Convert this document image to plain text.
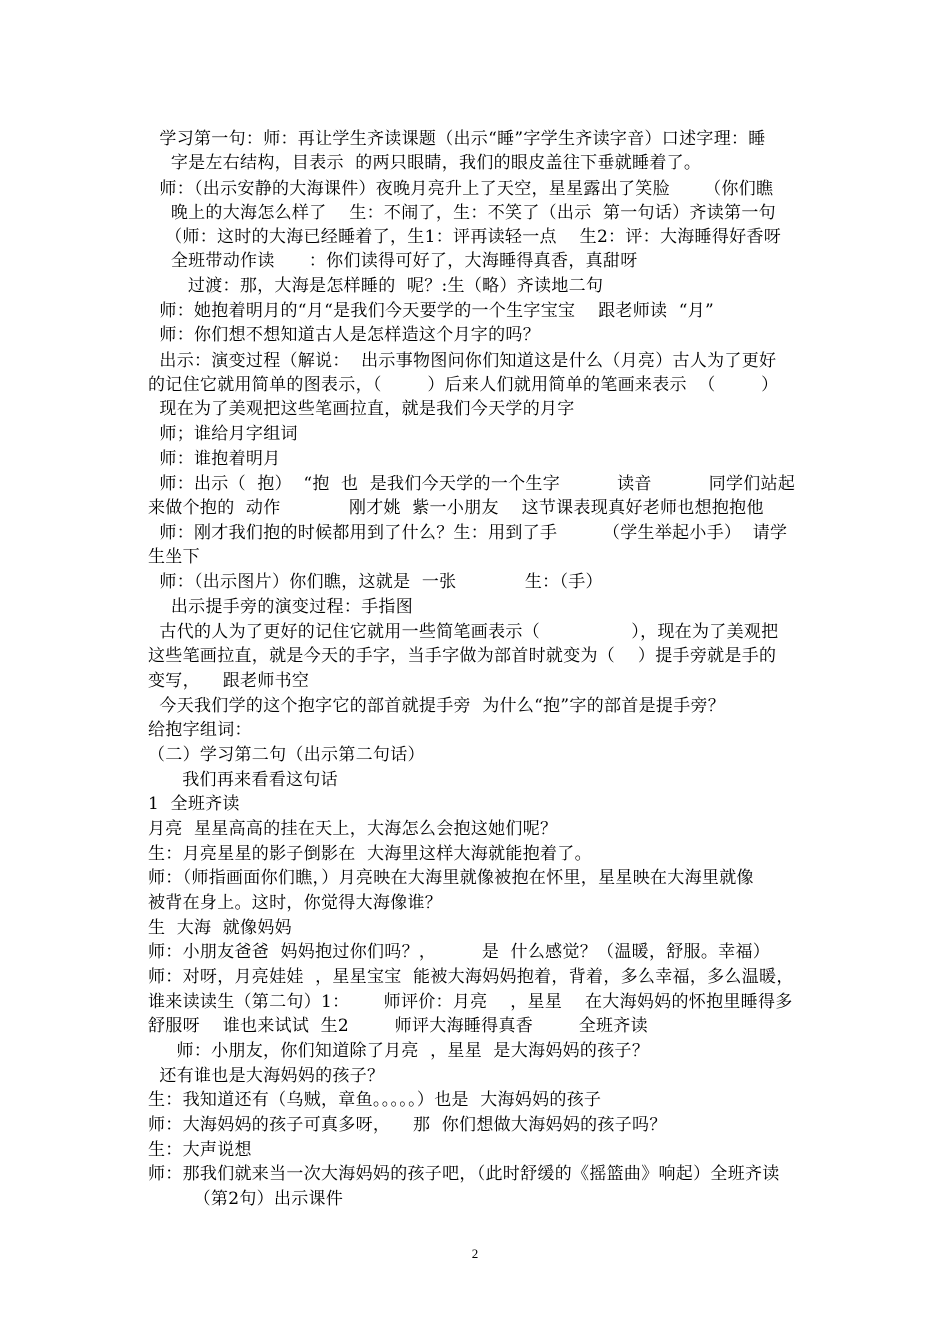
学习第一句：师：再让学生齐读课题（出示“睡”字学生齐读字音）口述字理：睡
字是左右结构，目表示  的两只眼睛，我们的眼皮盖往下垂就睡着了。
师：（出示安静的大海课件）夜晚月亮升上了天空，星星露出了笑脸      （你们瞧
晚上的大海怎么样了    生：不闹了，生：不笑了（出示  第一句话）齐读第一句
（师：这时的大海已经睡着了，生1：评再读轻一点    生2：评：大海睡得好香呀
全班带动作读      ：你们读得可好了，大海睡得真香，真甜呀
过渡：那，大海是怎样睡的  呢？:生（略）齐读地二句
师：她抱着明月的“月“是我们今天要学的一个生字宝宝    跟老师读  “月”
师：你们想不想知道古人是怎样造这个月字的吗？
出示：演变过程（解说：  出示事物图问你们知道这是什么（月亮）古人为了更好
的记住它就用简单的图表示，（        ）后来人们就用简单的笔画来表示  （        ）
现在为了美观把这些笔画拉直，就是我们今天学的月字
师；谁给月字组词
师：谁抱着明月
师：出示（  抱）  “抱  也  是我们今天学的一个生字          读音          同学们站起
来做个抱的  动作            刚才姚  紫一小朋友    这节课表现真好老师也想抱抱他
师：刚才我们抱的时候都用到了什么？生：用到了手        （学生举起小手）  请学
生坐下
师：（出示图片）你们瞧，这就是  一张            生：（手）
出示提手旁的演变过程：手指图
古代的人为了更好的记住它就用一些简笔画表示（                ），现在为了美观把
这些笔画拉直，就是今天的手字，当手字做为部首时就变为（    ）提手旁就是手的
变写，    跟老师书空
今天我们学的这个抱字它的部首就提手旁  为什么“抱”字的部首是提手旁？
给抱字组词：
（二）学习第二句（出示第二句话）
我们再来看看这句话
1  全班齐读
月亮  星星高高的挂在天上，大海怎么会抱这她们呢？
生：月亮星星的影子倒影在  大海里这样大海就能抱着了。
师：（师指画面你们瞧，）月亮映在大海里就像被抱在怀里，星星映在大海里就像
被背在身上。这时，你觉得大海像谁？
生  大海  就像妈妈
师：小朋友爸爸  妈妈抱过你们吗？，        是  什么感觉？（温暖，舒服。幸福）
师：对呀，月亮娃娃  ，星星宝宝  能被大海妈妈抱着，背着，多么幸福，多么温暖，
谁来读读生（第二句）1：      师评价：月亮    ，星星    在大海妈妈的怀抱里睡得多
舒服呀    谁也来试试  生2        师评大海睡得真香        全班齐读
师：小朋友，你们知道除了月亮  ，星星  是大海妈妈的孩子？
还有谁也是大海妈妈的孩子？
生：我知道还有（乌贼，章鱼。。。。。）也是  大海妈妈的孩子
师：大海妈妈的孩子可真多呀，    那  你们想做大海妈妈的孩子吗？
生：大声说想
师：那我们就来当一次大海妈妈的孩子吧，（此时舒缓的《摇篮曲》响起）全班齐读
（第2句）出示课件
2
